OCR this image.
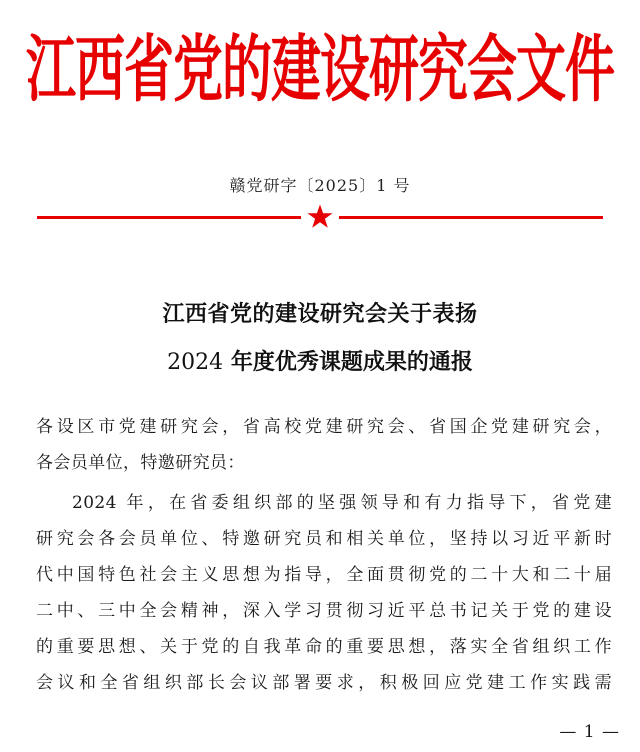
江西省党的建设研究会文件
赣党研字〔2025〕1 号
江西省党的建设研究会关于表扬
2024 年度优秀课题成果的通报
各设区市党建研究会，省高校党建研究会、省国企党建研究会，
各会员单位，特邀研究员：
2024 年，在省委组织部的坚强领导和有力指导下，省党建
研究会各会员单位、特邀研究员和相关单位，坚持以习近平新时
代中国特色社会主义思想为指导，全面贯彻党的二十大和二十届
二中、三中全会精神，深入学习贯彻习近平总书记关于党的建设
的重要思想、关于党的自我革命的重要思想，落实全省组织工作
会议和全省组织部长会议部署要求，积极回应党建工作实践需
— 1 —
